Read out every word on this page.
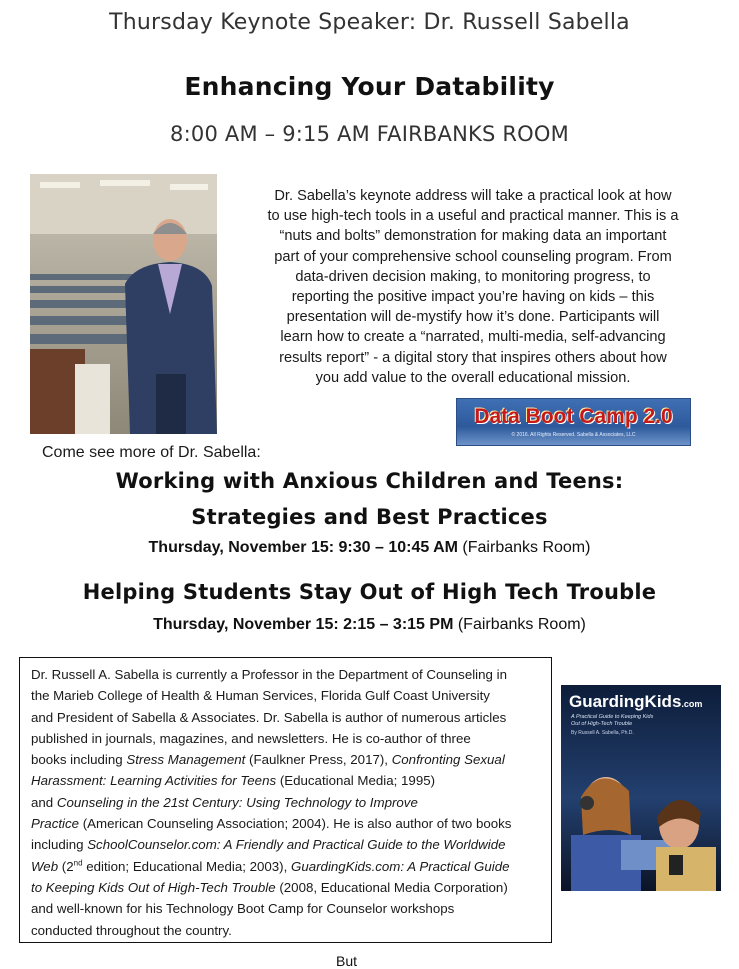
Thursday Keynote Speaker: Dr. Russell Sabella
Enhancing Your Datability
8:00 AM – 9:15 AM FAIRBANKS ROOM
Dr. Sabella’s keynote address will take a practical look at how
to use high-tech tools in a useful and practical manner. This is a
“nuts and bolts” demonstration for making data an important
part of your comprehensive school counseling program. From
data-driven decision making, to monitoring progress, to
reporting the positive impact you’re having on kids – this
presentation will de-mystify how it’s done. Participants will
learn how to create a “narrated, multi-media, self-advancing
results report” - a digital story that inspires others about how
you add value to the overall educational mission.
Data Boot Camp 2.0
© 2016. All Rights Reserved. Sabella & Associates, LLC
Come see more of Dr. Sabella:
Working with Anxious Children and Teens:
Strategies and Best Practices
Thursday, November 15: 9:30 – 10:45 AM (Fairbanks Room)
Helping Students Stay Out of High Tech Trouble
Thursday, November 15: 2:15 – 3:15 PM (Fairbanks Room)
Dr. Russell A. Sabella is currently a Professor in the Department of Counseling in
the Marieb College of Health & Human Services, Florida Gulf Coast University
and President of Sabella & Associates. Dr. Sabella is author of numerous articles
published in journals, magazines, and newsletters. He is co-author of three
books including Stress Management (Faulkner Press, 2017), Confronting Sexual
Harassment: Learning Activities for Teens (Educational Media; 1995)
and Counseling in the 21st Century: Using Technology to Improve
Practice (American Counseling Association; 2004). He is also author of two books
including SchoolCounselor.com: A Friendly and Practical Guide to the Worldwide
Web (2nd edition; Educational Media; 2003), GuardingKids.com: A Practical Guide
to Keeping Kids Out of High-Tech Trouble (2008, Educational Media Corporation)
and well-known for his Technology Boot Camp for Counselor workshops
conducted throughout the country.
GuardingKids.com
A Practical Guide to Keeping Kids
Out of High-Tech Trouble
By Russell A. Sabella, Ph.D.
But
